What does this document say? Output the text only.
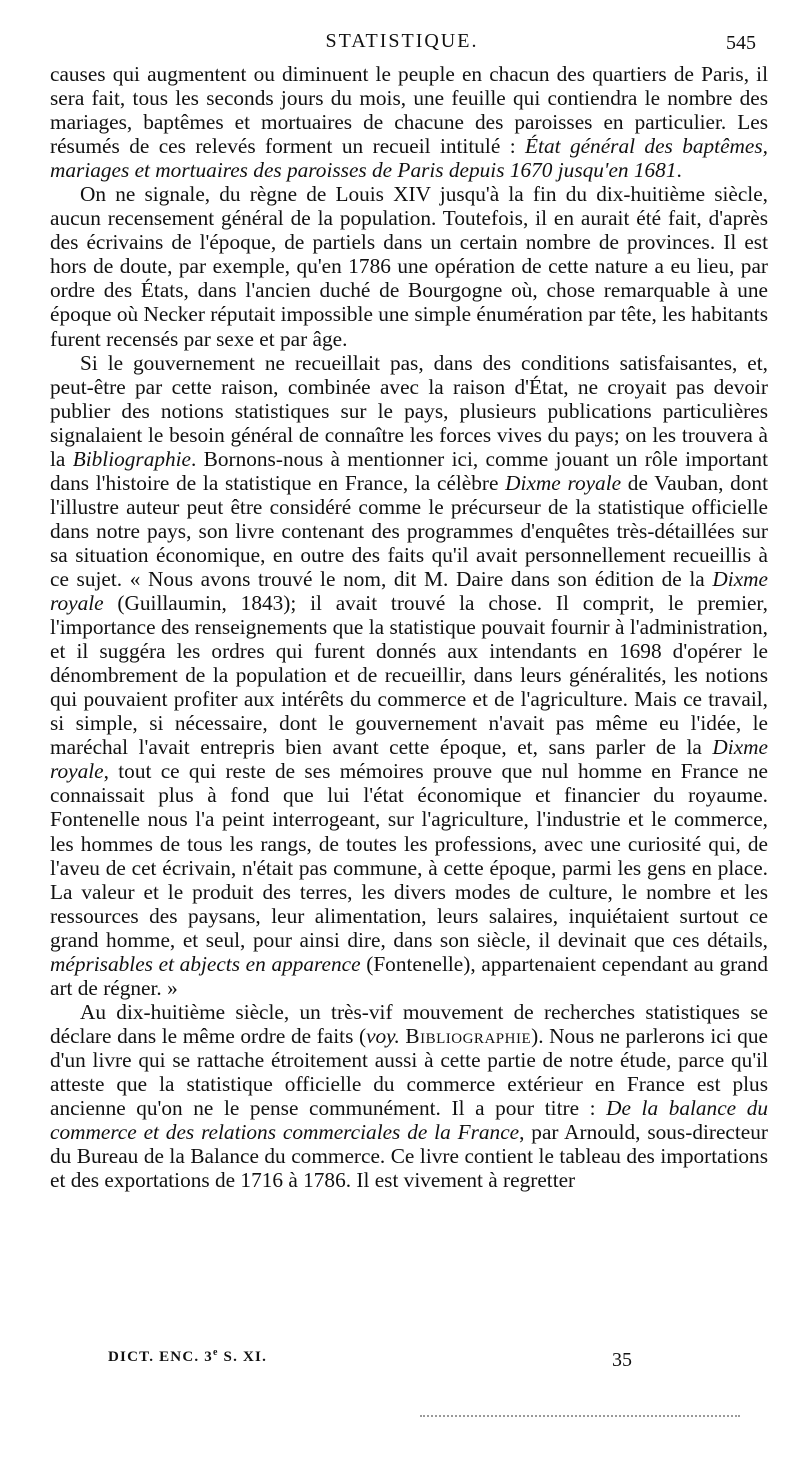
STATISTIQUE.	545

causes qui augmentent ou diminuent le peuple en chacun des quartiers de Paris, il sera fait, tous les seconds jours du mois, une feuille qui contiendra le nombre des mariages, baptêmes et mortuaires de chacune des paroisses en particulier. Les résumés de ces relevés forment un recueil intitulé : État général des baptêmes, mariages et mortuaires des paroisses de Paris depuis 1670 jusqu'en 1681.

On ne signale, du règne de Louis XIV jusqu'à la fin du dix-huitième siècle, aucun recensement général de la population. Toutefois, il en aurait été fait, d'après des écrivains de l'époque, de partiels dans un certain nombre de provinces. Il est hors de doute, par exemple, qu'en 1786 une opération de cette nature a eu lieu, par ordre des États, dans l'ancien duché de Bourgogne où, chose remarquable à une époque où Necker réputait impossible une simple énumération par tête, les habitants furent recensés par sexe et par âge.

Si le gouvernement ne recueillait pas, dans des conditions satisfaisantes, et, peut-être par cette raison, combinée avec la raison d'État, ne croyait pas devoir publier des notions statistiques sur le pays, plusieurs publications particulières signalaient le besoin général de connaître les forces vives du pays; on les trouvera à la Bibliographie. Bornons-nous à mentionner ici, comme jouant un rôle important dans l'histoire de la statistique en France, la célèbre Dixme royale de Vauban, dont l'illustre auteur peut être considéré comme le précurseur de la statistique officielle dans notre pays, son livre contenant des programmes d'enquêtes très-détaillées sur sa situation économique, en outre des faits qu'il avait personnellement recueillis à ce sujet. « Nous avons trouvé le nom, dit M. Daire dans son édition de la Dixme royale (Guillaumin, 1843); il avait trouvé la chose. Il comprit, le premier, l'importance des renseignements que la statistique pouvait fournir à l'administration, et il suggéra les ordres qui furent donnés aux intendants en 1698 d'opérer le dénombrement de la population et de recueillir, dans leurs généralités, les notions qui pouvaient profiter aux intérêts du commerce et de l'agriculture. Mais ce travail, si simple, si nécessaire, dont le gouvernement n'avait pas même eu l'idée, le maréchal l'avait entrepris bien avant cette époque, et, sans parler de la Dixme royale, tout ce qui reste de ses mémoires prouve que nul homme en France ne connaissait plus à fond que lui l'état économique et financier du royaume. Fontenelle nous l'a peint interrogeant, sur l'agriculture, l'industrie et le commerce, les hommes de tous les rangs, de toutes les professions, avec une curiosité qui, de l'aveu de cet écrivain, n'était pas commune, à cette époque, parmi les gens en place. La valeur et le produit des terres, les divers modes de culture, le nombre et les ressources des paysans, leur alimentation, leurs salaires, inquiétaient surtout ce grand homme, et seul, pour ainsi dire, dans son siècle, il devinait que ces détails, méprisables et abjects en apparence (Fontenelle), appartenaient cependant au grand art de régner. »

Au dix-huitième siècle, un très-vif mouvement de recherches statistiques se déclare dans le même ordre de faits (voy. Bibliographie). Nous ne parlerons ici que d'un livre qui se rattache étroitement aussi à cette partie de notre étude, parce qu'il atteste que la statistique officielle du commerce extérieur en France est plus ancienne qu'on ne le pense communément. Il a pour titre : De la balance du commerce et des relations commerciales de la France, par Arnould, sous-directeur du Bureau de la Balance du commerce. Ce livre contient le tableau des importations et des exportations de 1716 à 1786. Il est vivement à regretter

DICT. ENC. 3e S. XI.	35
